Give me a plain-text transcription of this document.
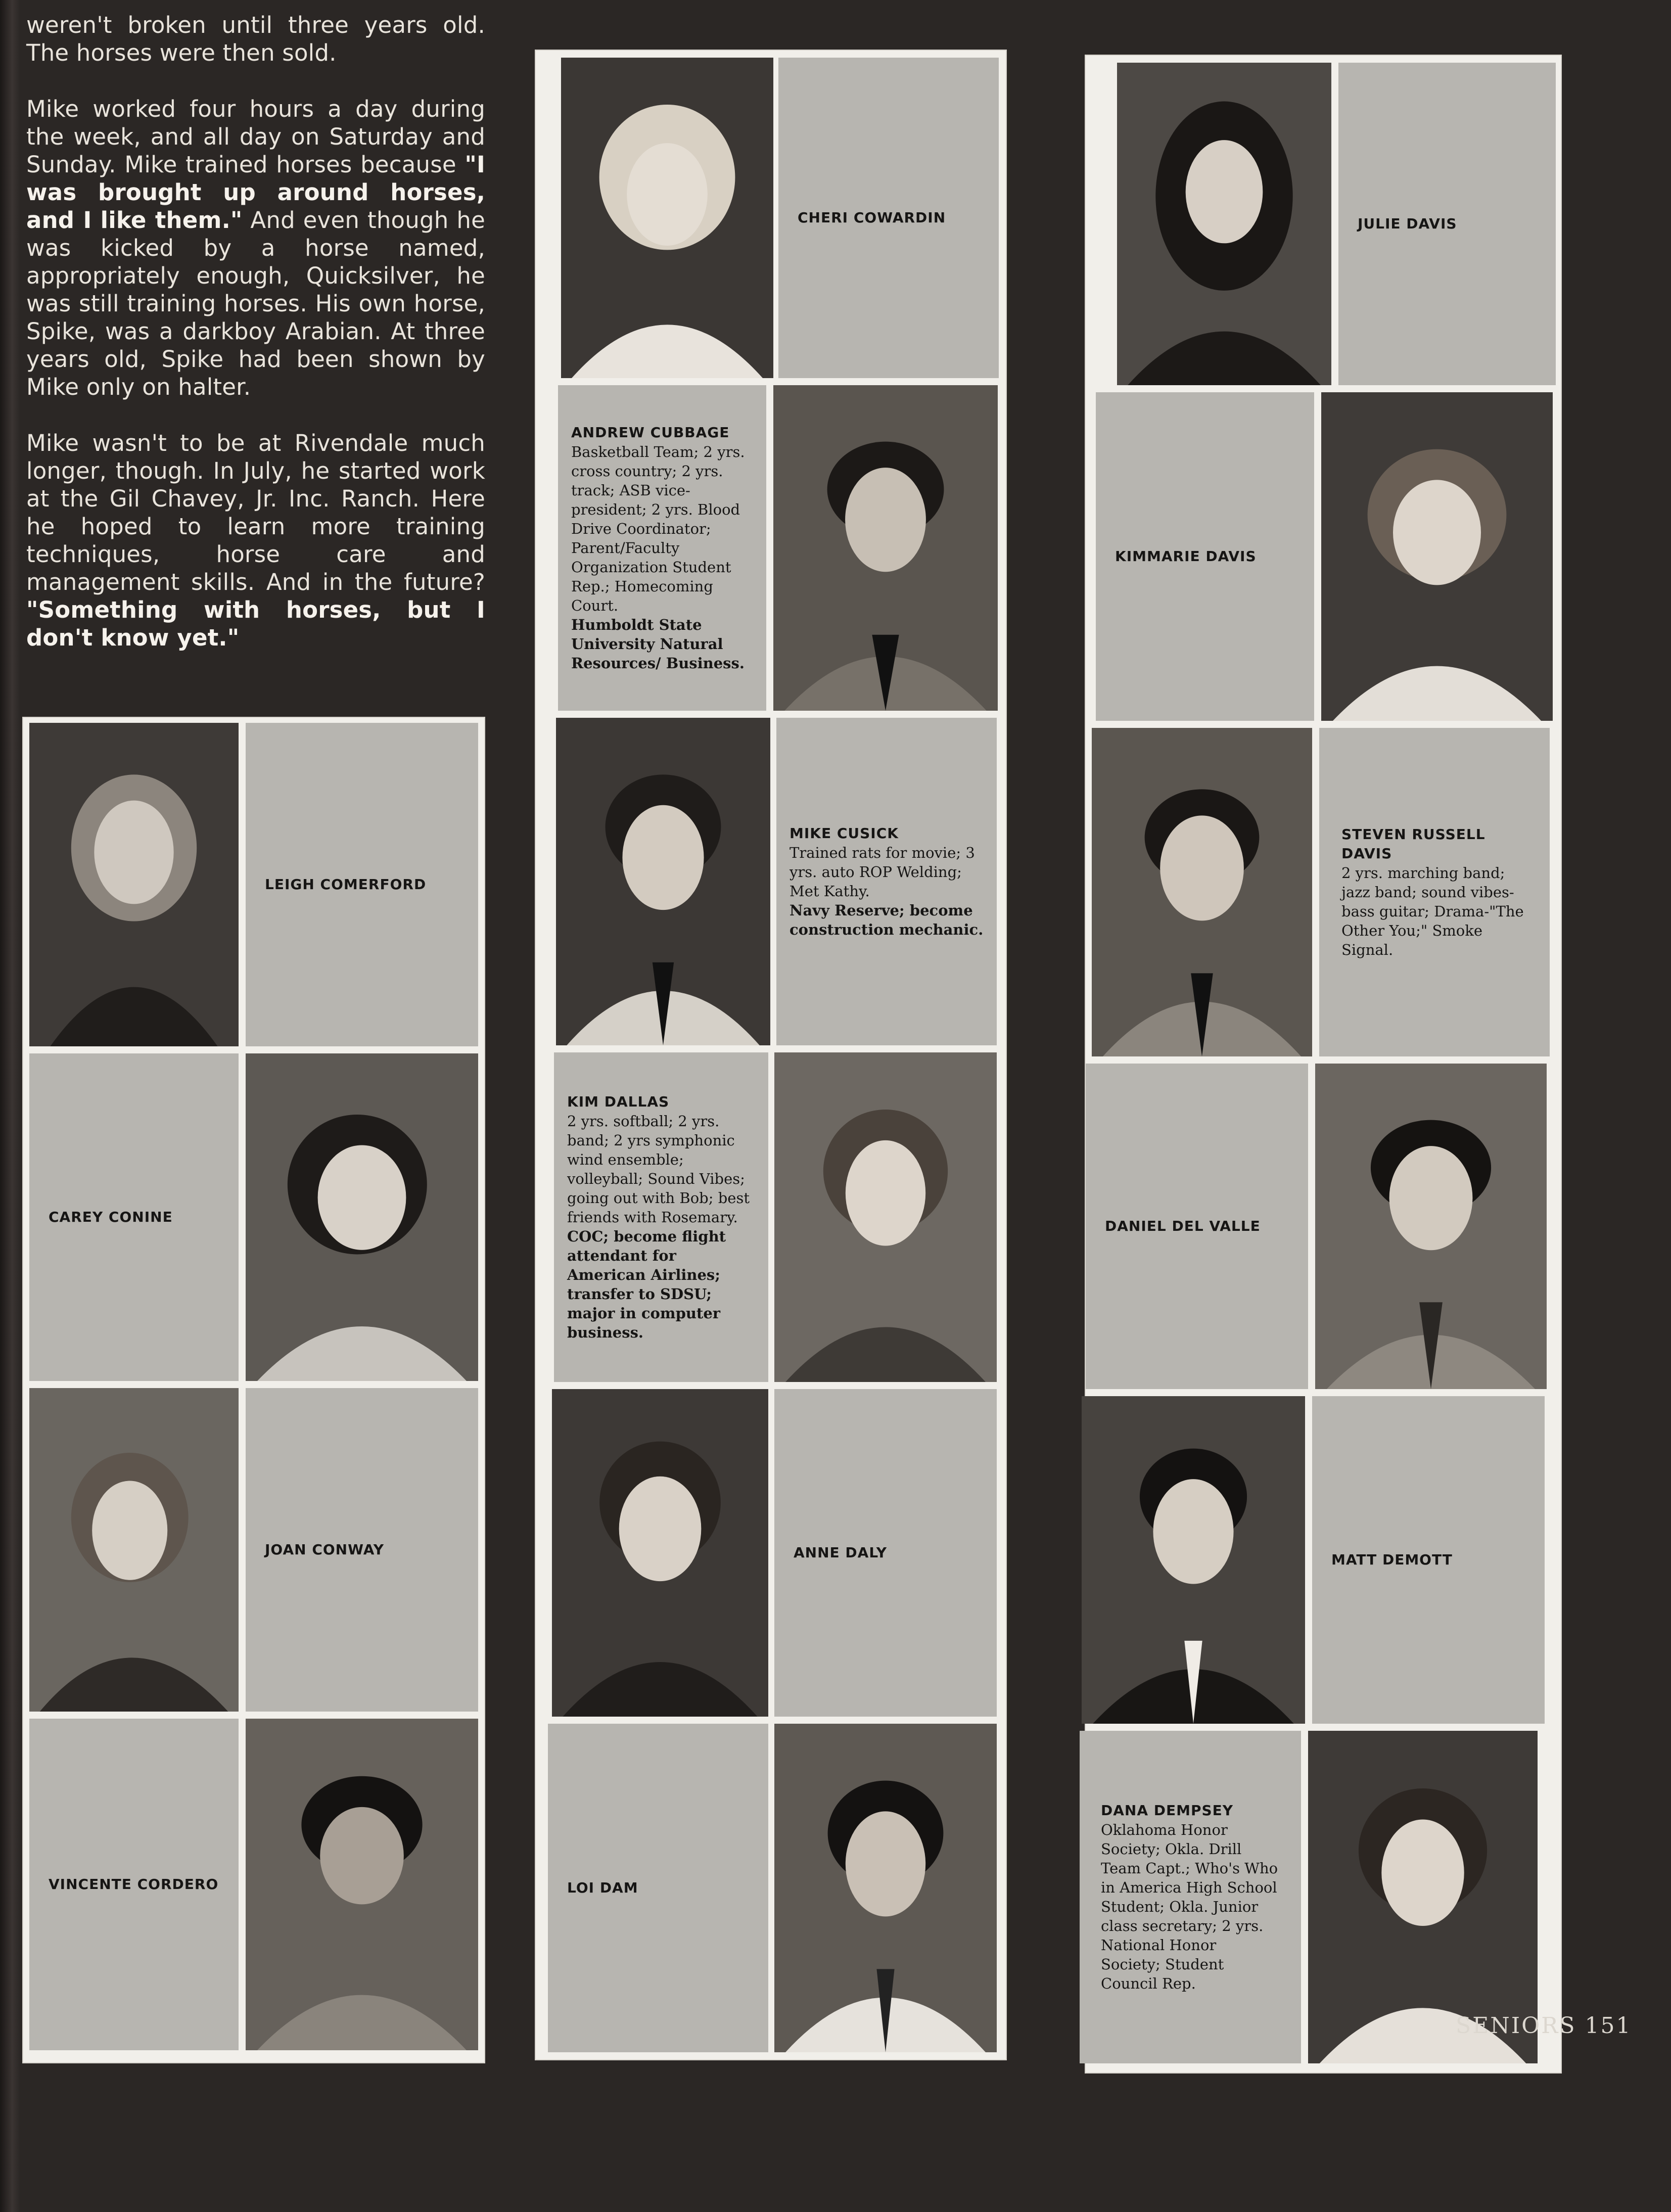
weren't broken until three years old. The horses were then sold.

Mike worked four hours a day during the week, and all day on Saturday and Sunday. Mike trained horses because "I was brought up around horses, and I like them." And even though he was kicked by a horse named, appropriately enough, Quicksilver, he was still training horses. His own horse, Spike, was a darkboy Arabian. At three years old, Spike had been shown by Mike only on halter.

Mike wasn't to be at Rivendale much longer, though. In July, he started work at the Gil Chavey, Jr. Inc. Ranch. Here he hoped to learn more training techniques, horse care and management skills. And in the future? "Something with horses, but I don't know yet."

LEIGH COMERFORD
CAREY CONINE
JOAN CONWAY
VINCENTE CORDERO
CHERI COWARDIN
ANDREW CUBBAGE
Basketball Team; 2 yrs. cross country; 2 yrs. track; ASB vice-president; 2 yrs. Blood Drive Coordinator; Parent/Faculty Organization Student Rep.; Homecoming Court.
Humboldt State University Natural Resources/ Business.
MIKE CUSICK
Trained rats for movie; 3 yrs. auto ROP Welding; Met Kathy.
Navy Reserve; become construction mechanic.
KIM DALLAS
2 yrs. softball; 2 yrs. band; 2 yrs symphonic wind ensemble; volleyball; Sound Vibes; going out with Bob; best friends with Rosemary.
COC; become flight attendant for American Airlines; transfer to SDSU; major in computer business.
ANNE DALY
LOI DAM
JULIE DAVIS
KIMMARIE DAVIS
STEVEN RUSSELL DAVIS
2 yrs. marching band; jazz band; sound vibes-bass guitar; Drama-"The Other You;" Smoke Signal.
DANIEL DEL VALLE
MATT DEMOTT
DANA DEMPSEY
Oklahoma Honor Society; Okla. Drill Team Capt.; Who's Who in America High School Student; Okla. Junior class secretary; 2 yrs. National Honor Society; Student Council Rep.
SENIORS 151
